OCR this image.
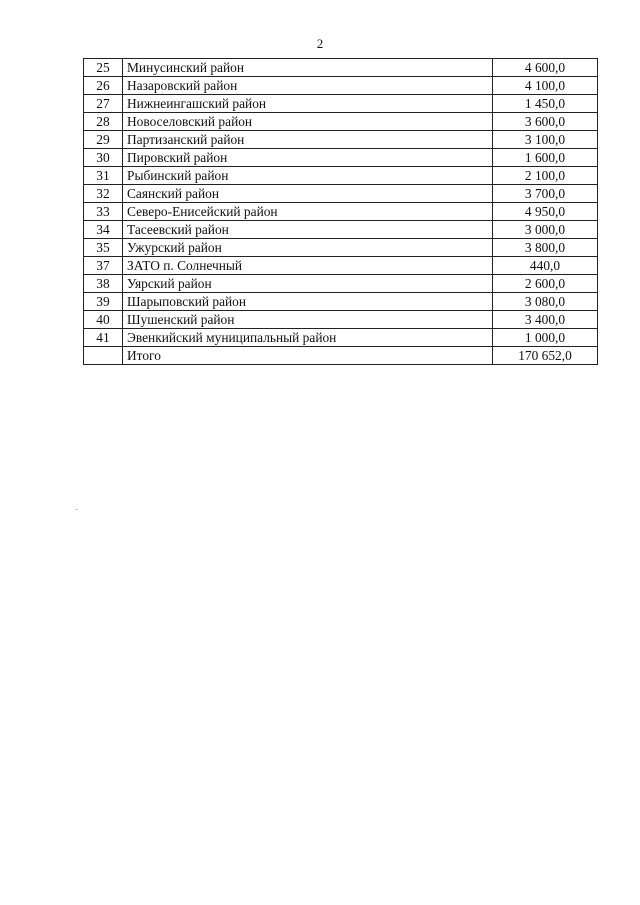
2
25	Минусинский район	4 600,0
26	Назаровский район	4 100,0
27	Нижнеингашский район	1 450,0
28	Новоселовский район	3 600,0
29	Партизанский район	3 100,0
30	Пировский район	1 600,0
31	Рыбинский район	2 100,0
32	Саянский район	3 700,0
33	Северо-Енисейский район	4 950,0
34	Тасеевский район	3 000,0
35	Ужурский район	3 800,0
37	ЗАТО п. Солнечный	440,0
38	Уярский район	2 600,0
39	Шарыповский район	3 080,0
40	Шушенский район	3 400,0
41	Эвенкийский муниципальный район	1 000,0
	Итого	170 652,0
